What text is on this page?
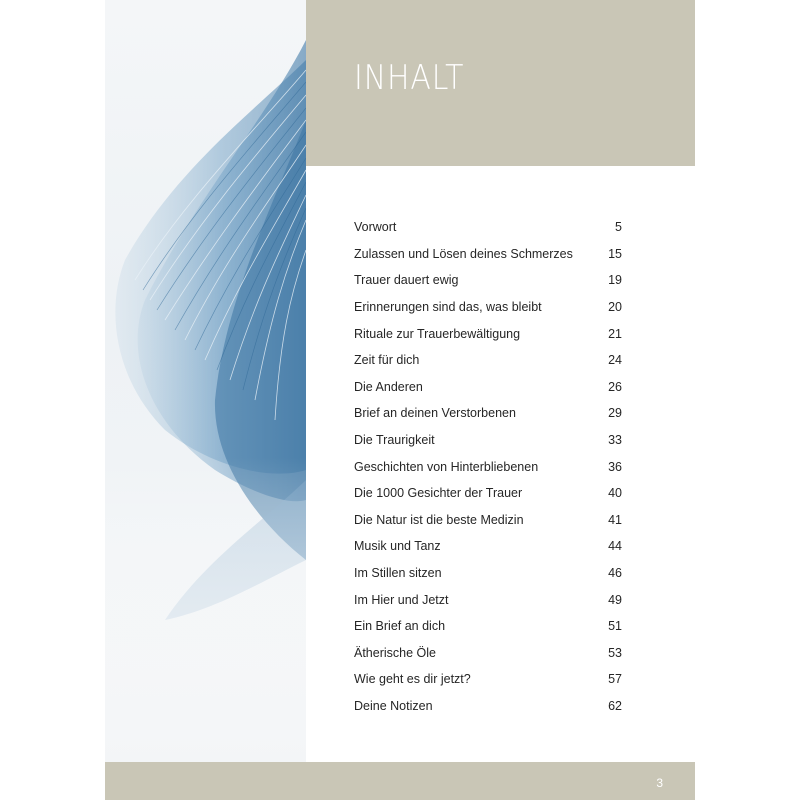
INHALT
Vorwort	5
Zulassen und Lösen deines Schmerzes	15
Trauer dauert ewig	19
Erinnerungen sind das, was bleibt	20
Rituale zur Trauerbewältigung	21
Zeit für dich	24
Die Anderen	26
Brief an deinen Verstorbenen	29
Die Traurigkeit	33
Geschichten von Hinterbliebenen	36
Die 1000 Gesichter der Trauer	40
Die Natur ist die beste Medizin	41
Musik und Tanz	44
Im Stillen sitzen	46
Im Hier und Jetzt	49
Ein Brief an dich	51
Ätherische Öle	53
Wie geht es dir jetzt?	57
Deine Notizen	62
3
